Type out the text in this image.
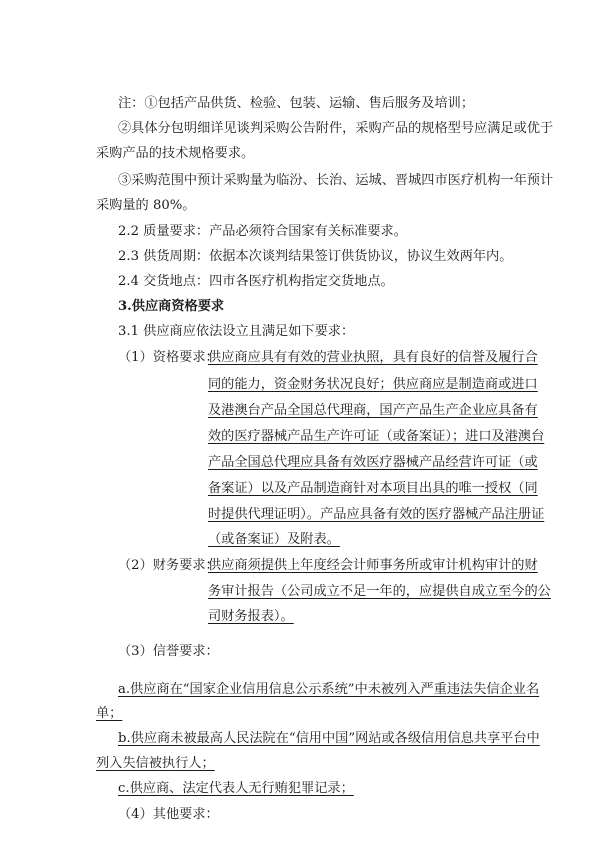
注：①包括产品供货、检验、包装、运输、售后服务及培训；
②具体分包明细详见谈判采购公告附件，采购产品的规格型号应满足或优于
采购产品的技术规格要求。
③采购范围中预计采购量为临汾、长治、运城、晋城四市医疗机构一年预计
采购量的 80%。
2.2 质量要求：产品必须符合国家有关标准要求。
2.3 供货周期：依据本次谈判结果签订供货协议，协议生效两年内。
2.4 交货地点：四市各医疗机构指定交货地点。
3.供应商资格要求
3.1 供应商应依法设立且满足如下要求：
（1）资格要求：
供应商应具有有效的营业执照，具有良好的信誉及履行合
同的能力，资金财务状况良好；供应商应是制造商或进口
及港澳台产品全国总代理商，国产产品生产企业应具备有
效的医疗器械产品生产许可证（或备案证）；进口及港澳台
产品全国总代理应具备有效医疗器械产品经营许可证（或
备案证）以及产品制造商针对本项目出具的唯一授权（同
时提供代理证明）。产品应具备有效的医疗器械产品注册证
（或备案证）及附表。
（2）财务要求：
供应商须提供上年度经会计师事务所或审计机构审计的财
务审计报告（公司成立不足一年的，应提供自成立至今的公
司财务报表）。
（3）信誉要求：
a.供应商在“国家企业信用信息公示系统”中未被列入严重违法失信企业名
单；
b.供应商未被最高人民法院在“信用中国”网站或各级信用信息共享平台中
列入失信被执行人；
c.供应商、法定代表人无行贿犯罪记录；
（4）其他要求：
